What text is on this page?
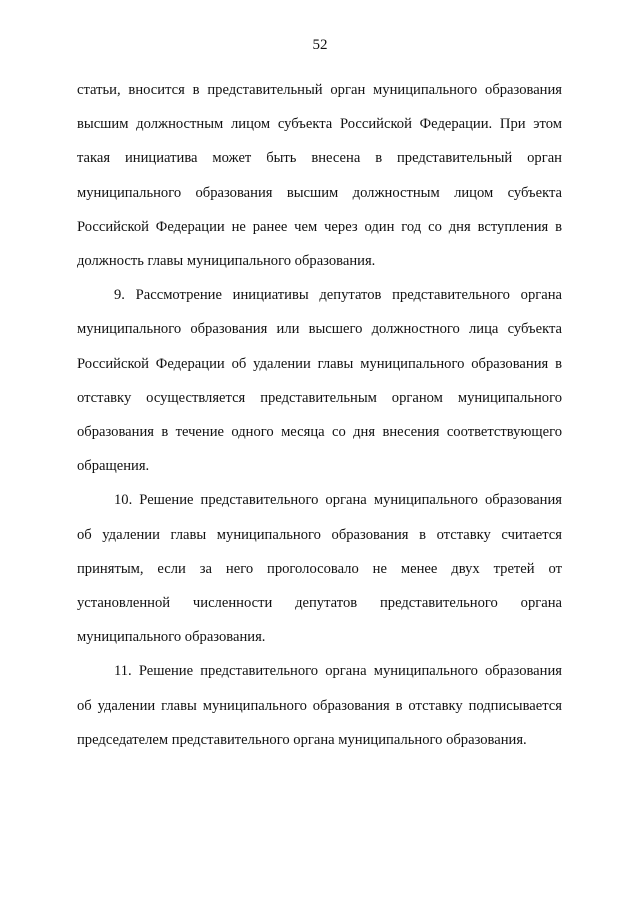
52

статьи, вносится в представительный орган муниципального образования высшим должностным лицом субъекта Российской Федерации. При этом такая инициатива может быть внесена в представительный орган муниципального образования высшим должностным лицом субъекта Российской Федерации не ранее чем через один год со дня вступления в должность главы муниципального образования.

9. Рассмотрение инициативы депутатов представительного органа муниципального образования или высшего должностного лица субъекта Российской Федерации об удалении главы муниципального образования в отставку осуществляется представительным органом муниципального образования в течение одного месяца со дня внесения соответствующего обращения.

10. Решение представительного органа муниципального образования об удалении главы муниципального образования в отставку считается принятым, если за него проголосовало не менее двух третей от установленной численности депутатов представительного органа муниципального образования.

11. Решение представительного органа муниципального образования об удалении главы муниципального образования в отставку подписывается председателем представительного органа муниципального образования.
